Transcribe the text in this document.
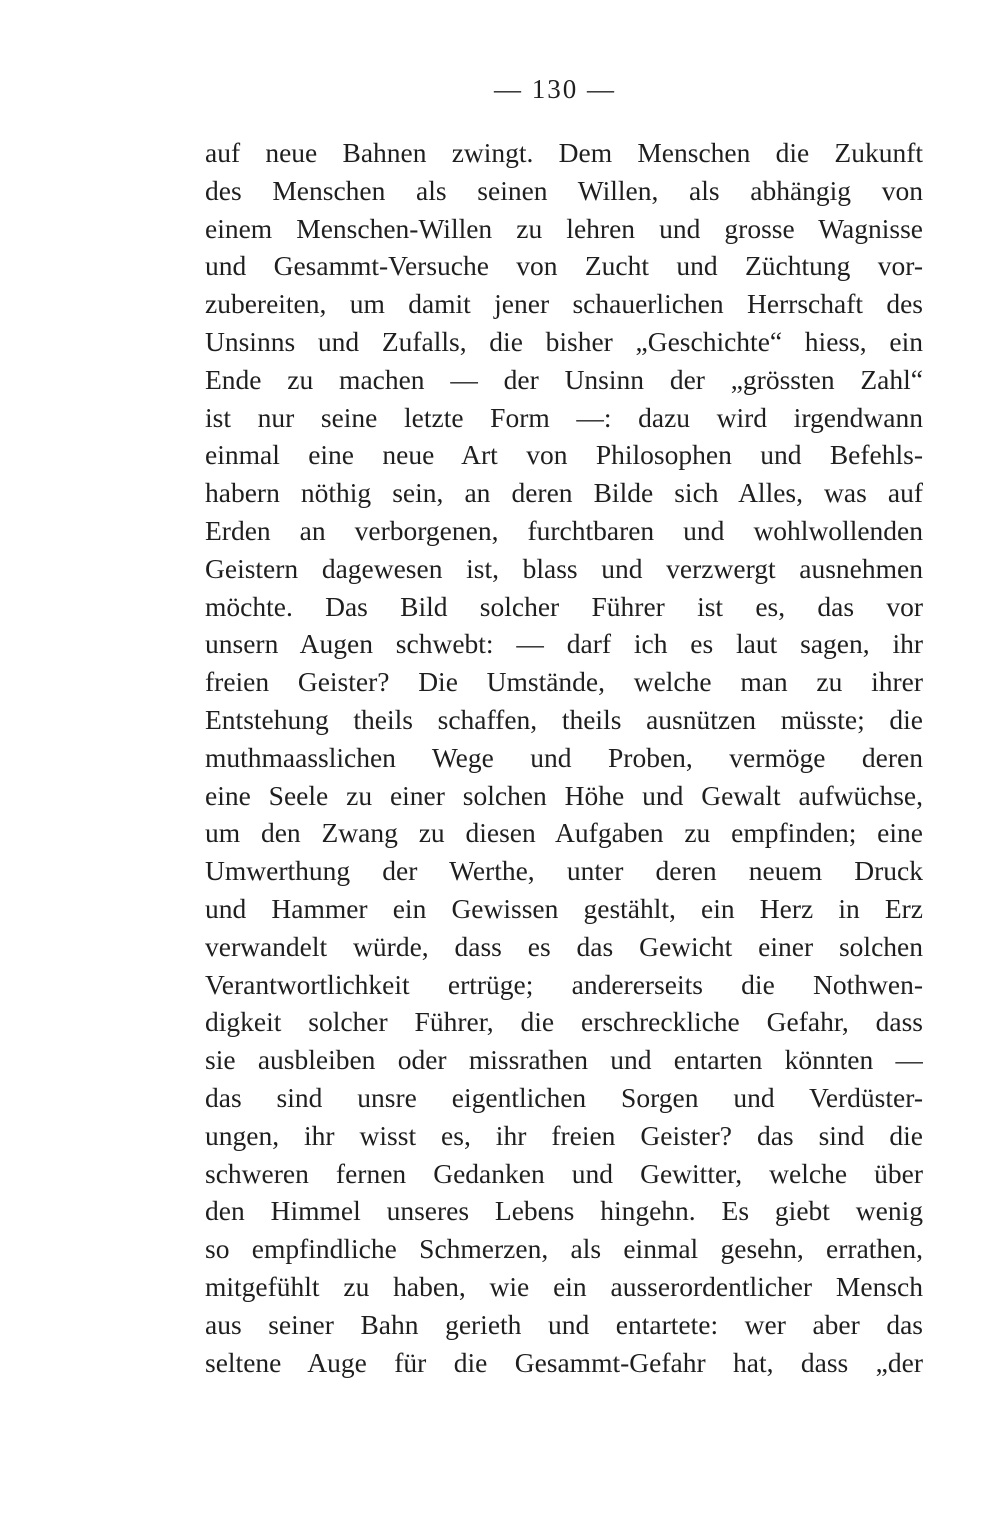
— 130 —
auf neue Bahnen zwingt. Dem Menschen die Zukunft
des Menschen als seinen Willen, als abhängig von
einem Menschen-Willen zu lehren und grosse Wagnisse
und Gesammt-Versuche von Zucht und Züchtung vor-
zubereiten, um damit jener schauerlichen Herrschaft des
Unsinns und Zufalls, die bisher „Geschichte“ hiess, ein
Ende zu machen — der Unsinn der „grössten Zahl“
ist nur seine letzte Form —: dazu wird irgendwann
einmal eine neue Art von Philosophen und Befehls-
habern nöthig sein, an deren Bilde sich Alles, was auf
Erden an verborgenen, furchtbaren und wohlwollenden
Geistern dagewesen ist, blass und verzwergt ausnehmen
möchte. Das Bild solcher Führer ist es, das vor
unsern Augen schwebt: — darf ich es laut sagen, ihr
freien Geister? Die Umstände, welche man zu ihrer
Entstehung theils schaffen, theils ausnützen müsste; die
muthmaasslichen Wege und Proben, vermöge deren
eine Seele zu einer solchen Höhe und Gewalt aufwüchse,
um den Zwang zu diesen Aufgaben zu empfinden; eine
Umwerthung der Werthe, unter deren neuem Druck
und Hammer ein Gewissen gestählt, ein Herz in Erz
verwandelt würde, dass es das Gewicht einer solchen
Verantwortlichkeit ertrüge; andererseits die Nothwen-
digkeit solcher Führer, die erschreckliche Gefahr, dass
sie ausbleiben oder missrathen und entarten könnten —
das sind unsre eigentlichen Sorgen und Verdüster-
ungen, ihr wisst es, ihr freien Geister? das sind die
schweren fernen Gedanken und Gewitter, welche über
den Himmel unseres Lebens hingehn. Es giebt wenig
so empfindliche Schmerzen, als einmal gesehn, errathen,
mitgefühlt zu haben, wie ein ausserordentlicher Mensch
aus seiner Bahn gerieth und entartete: wer aber das
seltene Auge für die Gesammt-Gefahr hat, dass „der
